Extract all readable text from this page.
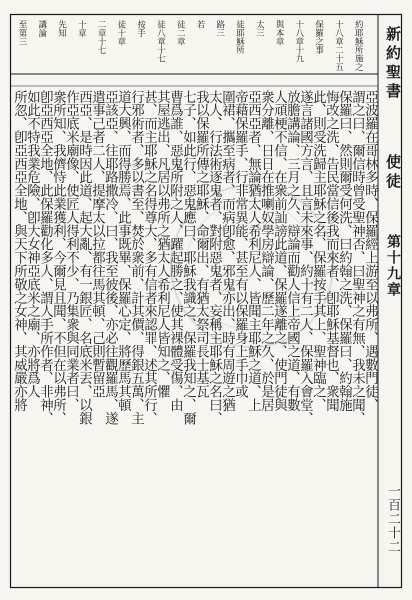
新約聖書
使徒
第十九章
一百二十二
約耶穌所施之
十八章二十五
保羅之事
十八章十九
與本章
太三
徒耶穌所
路三
若
徒二章
徒八章十七
按手
徒十章
二章十七
十章
先知
講論
至第三
亞波羅在哥林多時、保羅經上游至以弗所、遇數門徒、
謂之曰、爾信時曾受聖神否、曰聖神之有無、我未之聞、
保羅曰、然則爾受何洗、曰約翰之洗、保羅曰、約翰施
悔改之洗、告民當信後我而來者、卽耶穌基督也、衆聞
此、則受洗歸主耶穌之名、保羅按手其上、聖神臨之、
遂言諸國方言、且言未來事、約十有二人、保羅入會堂、
放膽講論、三月之久、辯論而勸人信上帝國之道、有數
人頑梗不信、在衆前訕謗此道、保羅遂離之、使門徒與
衆分離、日日在推喇奴學房辯論、歷二年之久、於是居
亞西亞者、無論猶太人希利尼人、皆聞主耶穌之道、上
帝藉保羅手、行非常異能、甚至有以保羅身上手巾或
圍裙、攜至病者、而病卽愈、邪鬼亦出、時有周遊之猶
太人、行法術逐鬼者、對附惡鬼者、妄稱主耶穌之名曰、
我以保羅所傳之耶穌、命爾出、有猶太祭司長士基瓦
七子、如此行、惡鬼應曰、耶穌我識之、保羅我知之、爾
曹爲誰、惡鬼所附之人、躍起勝之、使其裸體受傷、由
其屋逃出、凡居以弗所之猶太人希利尼人皆知之、懼
甚、而主耶穌之名得尊大、多有信者來認罪、述其所行、
行邪術者、多以書至、焚於衆前、計其價、得銀五萬、主
道大興、而得勝焉、此事既畢、保羅心定、將歷馬其頓
亞該亞、往耶路撒冷、曰、我至彼後、亦必往觀羅馬、遂
遣事己者二人、提摩太以拉都往馬其頓、己則暫留亞
西亞、是時因此道、起大亂、有一銀匠、名底米丟、以銀
作亞底米廟像、使匠人得利不少、乃集衆與同業者曰、
衆所知、我儕恃此業獲利、今爾見且聞、不但在以弗所、
卽亞西亞全地、此保羅勸化多人、謂人手所作者、非神、
如此不特我業危險、卽大女神亞底米之廟、亦將爲人
所忽、卽亞西亞全地、與天下所敬之女神、其威嚴亦將
